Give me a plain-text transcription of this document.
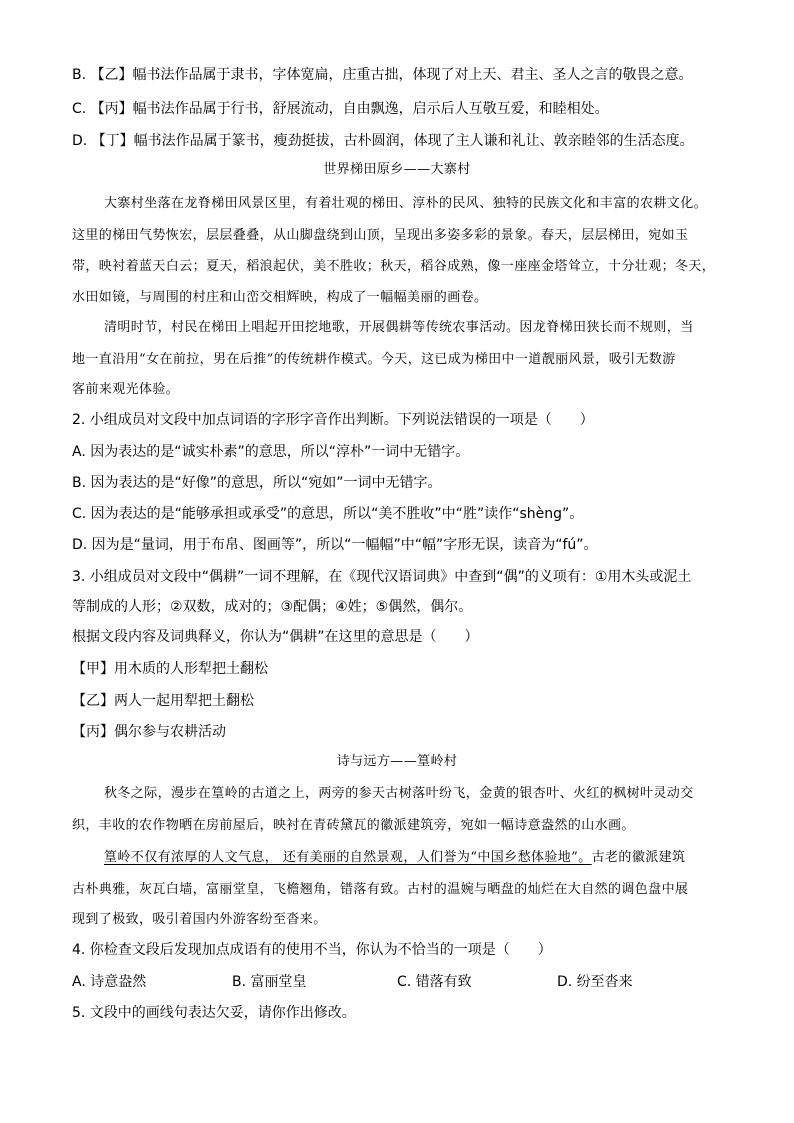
B. 【乙】幅书法作品属于隶书，字体宽扁，庄重古拙，体现了对上天、君主、圣人之言的敬畏之意。
C. 【丙】幅书法作品属于行书，舒展流动，自由飘逸，启示后人互敬互爱，和睦相处。
D. 【丁】幅书法作品属于篆书，瘦劲挺拔，古朴圆润，体现了主人谦和礼让、敦亲睦邻的生活态度。
世界梯田原乡——大寨村
大寨村坐落在龙脊梯田风景区里，有着壮观的梯田、淳朴的民风、独特的民族文化和丰富的农耕文化。
这里的梯田气势恢宏，层层叠叠，从山脚盘绕到山顶，呈现出多姿多彩的景象。春天，层层梯田，宛如玉
带，映衬着蓝天白云；夏天，稻浪起伏，美不胜收；秋天，稻谷成熟，像一座座金塔耸立，十分壮观；冬天，
水田如镜，与周围的村庄和山峦交相辉映，构成了一幅幅美丽的画卷。
清明时节，村民在梯田上唱起开田挖地歌，开展偶耕等传统农事活动。因龙脊梯田狭长而不规则，当
地一直沿用“女在前拉，男在后推”的传统耕作模式。今天，这已成为梯田中一道靓丽风景，吸引无数游
客前来观光体验。
2. 小组成员对文段中加点词语的字形字音作出判断。下列说法错误的一项是（　　）
A. 因为表达的是“诚实朴素”的意思，所以“淳朴”一词中无错字。
B. 因为表达的是“好像”的意思，所以“宛如”一词中无错字。
C. 因为表达的是“能够承担或承受”的意思，所以“美不胜收”中“胜”读作“shèng”。
D. 因为是“量词，用于布帛、图画等”，所以“一幅幅”中“幅”字形无误，读音为“fú”。
3. 小组成员对文段中“偶耕”一词不理解，在《现代汉语词典》中查到“偶”的义项有：①用木头或泥土
等制成的人形；②双数，成对的；③配偶；④姓；⑤偶然，偶尔。
根据文段内容及词典释义，你认为“偶耕”在这里的意思是（　　）
【甲】用木质的人形犁把土翻松
【乙】两人一起用犁把土翻松
【丙】偶尔参与农耕活动
诗与远方——篁岭村
秋冬之际，漫步在篁岭的古道之上，两旁的参天古树落叶纷飞，金黄的银杏叶、火红的枫树叶灵动交
织，丰收的农作物晒在房前屋后，映衬在青砖黛瓦的徽派建筑旁，宛如一幅诗意盎然的山水画。
篁岭不仅有浓厚的人文气息， 还有美丽的自然景观，人们誉为“中国乡愁体验地”。古老的徽派建筑
古朴典雅，灰瓦白墙，富丽堂皇，飞檐翘角，错落有致。古村的温婉与晒盘的灿烂在大自然的调色盘中展
现到了极致，吸引着国内外游客纷至沓来。
4. 你检查文段后发现加点成语有的使用不当，你认为不恰当的一项是（　　）
A. 诗意盎然	B. 富丽堂皇	C. 错落有致	D. 纷至沓来
5. 文段中的画线句表达欠妥，请你作出修改。
